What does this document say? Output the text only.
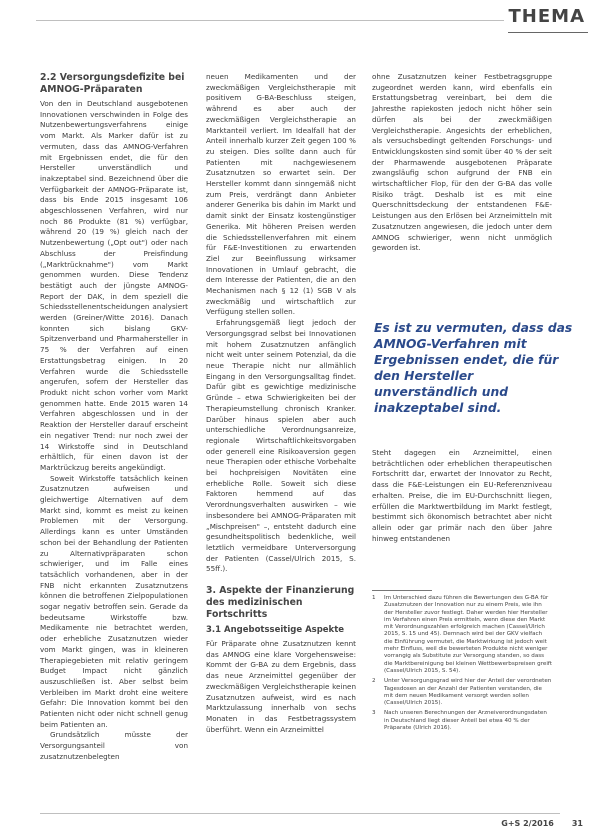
THEMA
2.2 Versorgungsdefizite bei AMNOG-Präparaten

Von den in Deutschland ausgebotenen Innovationen verschwinden in Folge des Nutzenbewertungsverfahrens einige vom Markt. Als Marker dafür ist zu vermuten, dass das AMNOG-Verfahren mit Ergebnissen endet, die für den Hersteller unverständlich und inakzeptabel sind. Bezeichnend über die Verfügbarkeit der AMNOG-Präparate ist, dass bis Ende 2015 insgesamt 106 abgeschlossenen Verfahren, wird nur noch 86 Produkte (81 %) verfügbar, während 20 (19 %) gleich nach der Nutzenbewertung („Opt out") oder nach Abschluss der Preisfindung („Marktrücknahme") vom Markt genommen wurden. Diese Tendenz bestätigt auch der jüngste AMNOG-Report der DAK, in dem speziell die Schiedsstellenentscheidungen analysiert werden (Greiner/Witte 2016). Danach konnten sich bislang GKV-Spitzenverband und Pharmahersteller in 75 % der Verfahren auf einen Erstattungsbetrag einigen. In 20 Verfahren wurde die Schiedsstelle angerufen, sofern der Hersteller das Produkt nicht schon vorher vom Markt genommen hatte. Ende 2015 waren 14 Verfahren abgeschlossen und in der Reaktion der Hersteller darauf erscheint ein negativer Trend: nur noch zwei der 14 Wirkstoffe sind in Deutschland erhältlich, für einen davon ist der Marktrückzug bereits angekündigt.

Soweit Wirkstoffe tatsächlich keinen Zusatznutzen aufweisen und gleichwertige Alternativen auf dem Markt sind, kommt es meist zu keinen Problemen mit der Versorgung. Allerdings kann es unter Umständen schon bei der Behandlung der Patienten zu Alternativpräparaten schon schwieriger, und im Falle eines tatsächlich vorhandenen, aber in der FNB nicht erkannten Zusatznutzens können die betroffenen Zielpopulationen sogar negativ betroffen sein. Gerade da bedeutsame Wirkstoffe bzw. Medikamente nie betrachtet werden, oder erhebliche Zusatznutzen wieder vom Markt gingen, was in kleineren Therapiegebieten mit relativ geringem Budget Impact nicht gänzlich auszuschließen ist. Aber selbst beim Verbleiben im Markt droht eine weitere Gefahr: Die Innovation kommt bei den Patienten nicht oder nicht schnell genug beim Patienten an.

Grundsätzlich müsste der Versorgungsanteil von zusatznutzenbelegten

neuen Medikamenten und der zweckmäßigen Vergleichstherapie mit positivem G-BA-Beschluss steigen, während es aber auch der zweckmäßigen Vergleichstherapie an Marktanteil verliert. Im Idealfall hat der Anteil innerhalb kurzer Zeit gegen 100 % zu steigen. Dies sollte dann auch für Patienten mit nachgewiesenem Zusatznutzen so erwartet sein. Der Hersteller kommt dann sinngemäß nicht zum Preis, verdrängt dann Anbieter anderer Generika bis dahin im Markt und damit sinkt der Einsatz kostengünstiger Generika. Mit höheren Preisen werden die Schiedsstellenverfahren mit einem für F&E-Investitionen zu erwartenden Ziel zur Beeinflussung wirksamer Innovationen in Umlauf gebracht, die dem Interesse der Patienten, die an den Mechanismen nach § 12 (1) SGB V als zweckmäßig und wirtschaftlich zur Verfügung stellen sollen.

Erfahrungsgemäß liegt jedoch der Versorgungsgrad selbst bei Innovationen mit hohem Zusatznutzen anfänglich nicht weit unter seinem Potenzial, da die neue Therapie nicht nur allmählich Eingang in den Versorgungsalltag findet. Dafür gibt es gewichtige medizinische Gründe – etwa Schwierigkeiten bei der Therapieumstellung chronisch Kranker. Darüber hinaus spielen aber auch unterschiedliche Verordnungsanreize, regionale Wirtschaftlichkeitsvorgaben oder generell eine Risikoaversion gegen neue Therapien oder ethische Vorbehalte bei hochpreisigen Novitäten eine erhebliche Rolle. Soweit sich diese Faktoren hemmend auf das Verordnungsverhalten auswirken – wie insbesondere bei AMNOG-Präparaten mit „Mischpreisen" –, entsteht dadurch eine gesundheitspolitisch bedenkliche, weil letztlich vermeidbare Unterversorgung der Patienten (Cassel/Ulrich 2015, S. 55ff.).

3. Aspekte der Finanzierung des medizinischen Fortschritts
3.1 Angebotsseitige Aspekte

Für Präparate ohne Zusatznutzen kennt das AMNOG eine klare Vorgehensweise: Kommt der G-BA zu dem Ergebnis, dass das neue Arzneimittel gegenüber der zweckmäßigen Vergleichstherapie keinen Zusatznutzen aufweist, wird es nach Marktzulassung innerhalb von sechs Monaten in das Festbetragssystem überführt. Wenn ein Arzneimittel

ohne Zusatznutzen keiner Festbetragsgruppe zugeordnet werden kann, wird ebenfalls ein Erstattungsbetrag vereinbart, bei dem die Jahresthe rapiekosten jedoch nicht höher sein dürfen als bei der zweckmäßigen Vergleichstherapie. Angesichts der erheblichen, als versuchsbedingt geltenden Forschungs- und Entwicklungskosten sind somit über 40 % der seit der Pharmawende ausgebotenen Präparate zwangsläufig schon aufgrund der FNB ein wirtschaftlicher Flop, für den der G-BA das volle Risiko trägt. Deshalb ist es mit eine Querschnittsdeckung der entstandenen F&E-Leistungen aus den Erlösen bei Arzneimitteln mit Zusatznutzen angewiesen, die jedoch unter dem AMNOG schwieriger, wenn nicht unmöglich geworden ist.

Es ist zu vermuten, dass das AMNOG-Verfahren mit Ergebnissen endet, die für den Hersteller unverständlich und inakzeptabel sind.

Steht dagegen ein Arzneimittel, einen beträchtlichen oder erheblichen therapeutischen Fortschritt dar, erwartet der Innovator zu Recht, dass die F&E-Leistungen ein EU-Referenzniveau erhalten. Preise, die im EU-Durchschnitt liegen, erfüllen die Marktwertbildung im Markt festlegt, bestimmt sich ökonomisch betrachtet aber nicht allein oder gar primär nach den über Jahre hinweg entstandenen

1	Im Unterschied dazu führen die Bewertungen des G-BA für Zusatznutzen der Innovation nur zu einem Preis, wie ihn der Hersteller zuvor festlegt. Daher werden hier Hersteller im Verfahren einen Preis ermitteln, wenn diese den Markt mit Verordnungszahlen erfolgreich machen (Cassel/Ulrich 2015, S. 15 und 45). Demnach wird bei der GKV vielfach die Einführung vermutet, die Marktwirkung ist jedoch weit mehr Einfluss, weil die bewerteten Produkte nicht weniger vorrangig als Substitute zur Versorgung standen, so dass die Marktbereinigung bei kleinen Wettbewerbspreisen greift (Cassel/Ulrich 2015, S. 54).
2	Unter Versorgungsgrad wird hier der Anteil der verordneten Tagesdosen an der Anzahl der Patienten verstanden, die mit dem neuen Medikament versorgt werden sollen (Cassel/Ulrich 2015).
3	Nach unseren Berechnungen der Arzneiverordnungsdaten in Deutschland liegt dieser Anteil bei etwa 40 % der Präparate (Ulrich 2016).
G+S 2/2016 31
